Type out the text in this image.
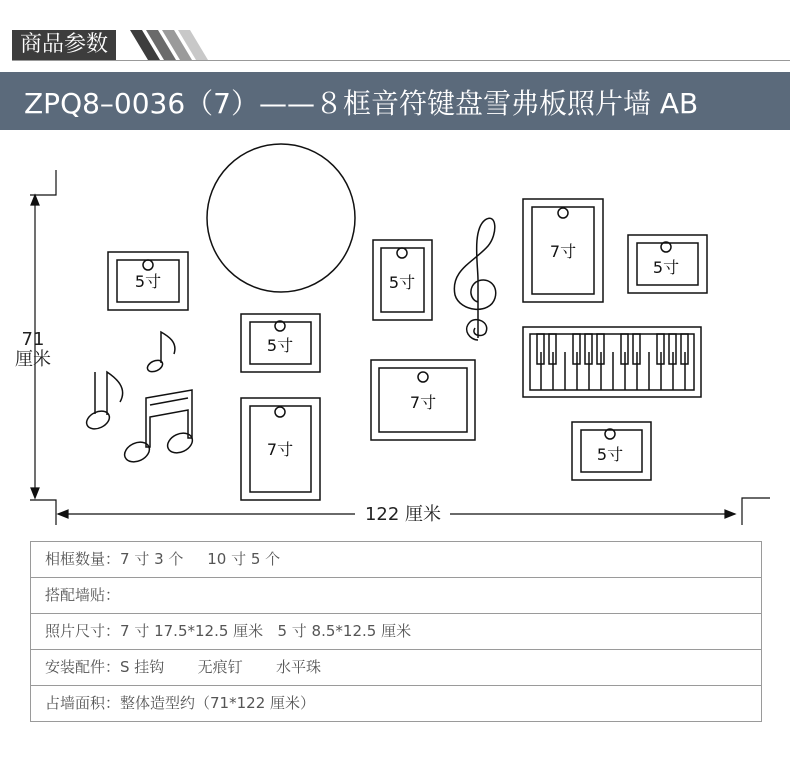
商品参数
ZPQ8–0036（7）——８框音符键盘雪弗板照片墙 AB
71
厘米
122 厘米
5寸
5寸
7寸
5寸
7寸
7寸
5寸
5寸
相框数量：7 寸 3 个     10 寸 5 个
搭配墙贴：
照片尺寸：7 寸 17.5*12.5 厘米   5 寸 8.5*12.5 厘米
安装配件：S 挂钩       无痕钉       水平珠
占墙面积：整体造型约（71*122 厘米）
